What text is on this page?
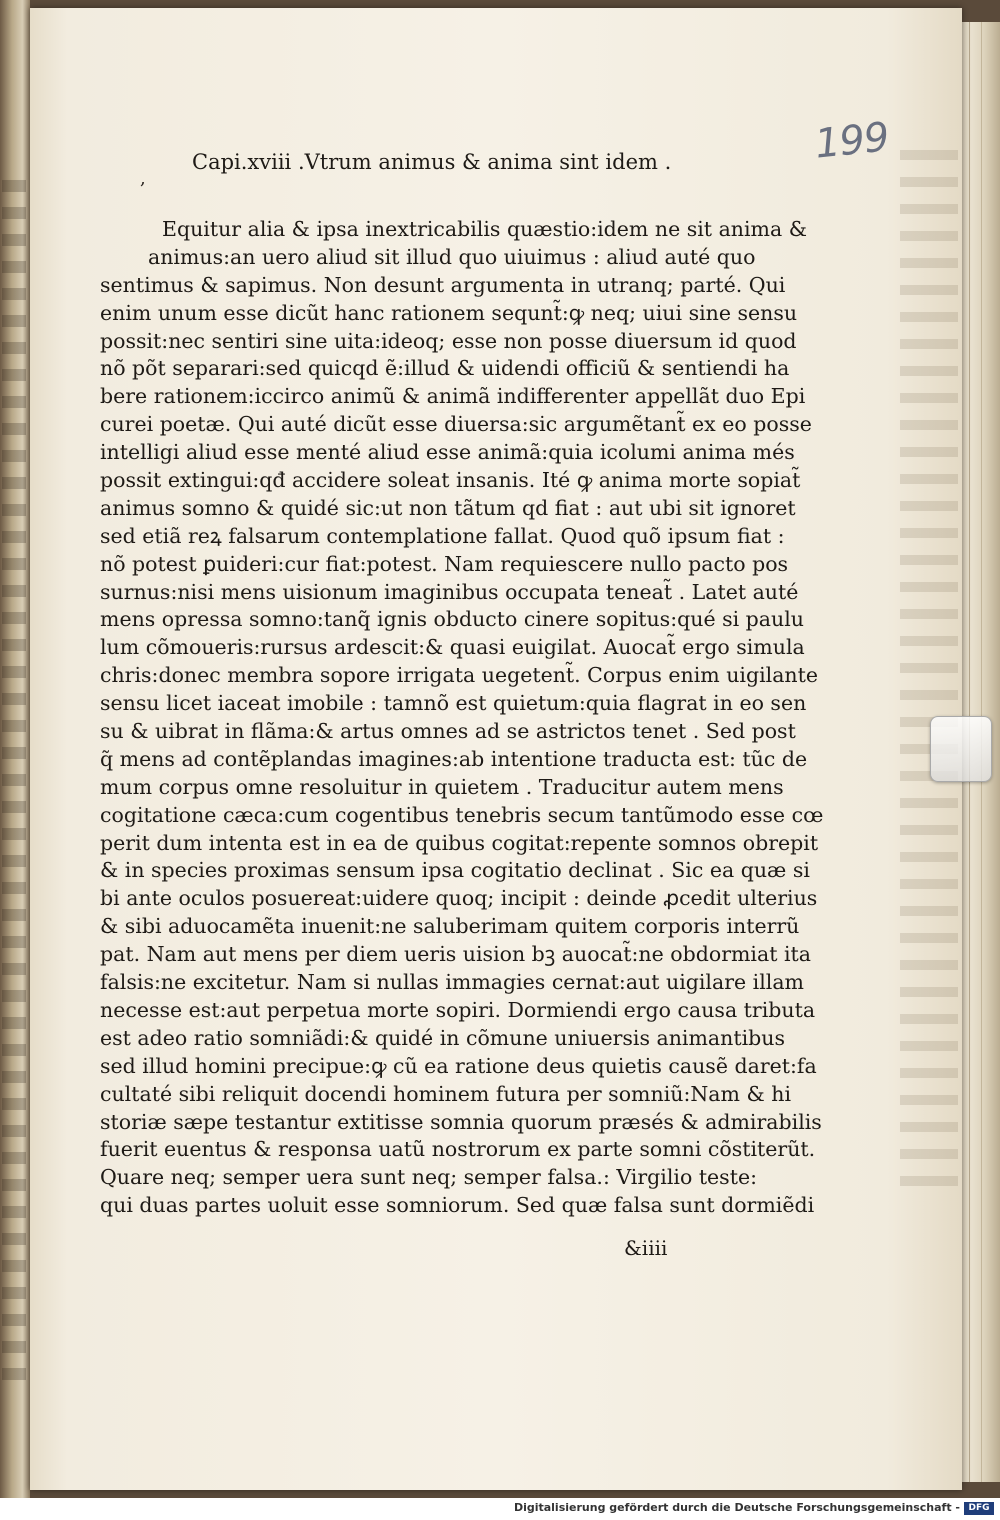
199
,
Capi.xviii .Vtrum animus & anima sint idem .
Equitur alia & ipsa inextricabilis quæstio:idem ne sit anima &
animus:an uero aliud sit illud quo uiuimus : aliud auté quo
sentimus & sapimus. Non desunt argumenta in utranq; parté. Qui
enim unum esse dicũt hanc rationem sequnt̃:ꝙ neq; uiui sine sensu
possit:nec sentiri sine uita:ideoq; esse non posse diuersum id quod
nõ põt separari:sed quicqd ẽ:illud & uidendi officiũ & sentiendi ha
bere rationem:iccirco animũ & animã indifferenter appellãt duo Epi
curei poetæ. Qui auté dicũt esse diuersa:sic argumẽtant̃ ex eo posse
intelligi aliud esse menté aliud esse animã:quia icolumi anima més
possit extingui:qđ accidere soleat insanis. Ité ꝙ anima morte sopiat̃
animus somno & quidé sic:ut non tãtum qd fiat : aut ubi sit ignoret
sed etiã reꝝ falsarum contemplatione fallat. Quod quõ ipsum fiat :
nõ potest ꝑuideri:cur fiat:potest. Nam requiescere nullo pacto pos
surnus:nisi mens uisionum imaginibus occupata teneat̃ . Latet auté
mens opressa somno:tanq̃ ignis obducto cinere sopitus:qué si paulu
lum cõmoueris:rursus ardescit:& quasi euigilat. Auocat̃ ergo simula
chris:donec membra sopore irrigata uegetent̃. Corpus enim uigilante
sensu licet iaceat imobile : tamnõ est quietum:quia flagrat in eo sen
su & uibrat in flãma:& artus omnes ad se astrictos tenet . Sed post
q̃ mens ad contẽplandas imagines:ab intentione traducta est: tũc de
mum corpus omne resoluitur in quietem . Traducitur autem mens
cogitatione cæca:cum cogentibus tenebris secum tantũmodo esse cœ
perit dum intenta est in ea de quibus cogitat:repente somnos obrepit
& in species proximas sensum ipsa cogitatio declinat . Sic ea quæ si
bi ante oculos posuereat:uidere quoq; incipit : deinde ꝓcedit ulterius
& sibi aduocamẽta inuenit:ne saluberimam quitem corporis interrũ
pat. Nam aut mens per diem ueris uision bꝫ auocat̃:ne obdormiat ita
falsis:ne excitetur. Nam si nullas immagies cernat:aut uigilare illam
necesse est:aut perpetua morte sopiri. Dormiendi ergo causa tributa
est adeo ratio somniãdi:& quidé in cõmune uniuersis animantibus
sed illud homini precipue:ꝙ cũ ea ratione deus quietis causẽ daret:fa
cultaté sibi reliquit docendi hominem futura per somniũ:Nam & hi
storiæ sæpe testantur extitisse somnia quorum præsés & admirabilis
fuerit euentus & responsa uatũ nostrorum ex parte somni cõstiterũt.
Quare neq; semper uera sunt neq; semper falsa.: Virgilio teste:
qui duas partes uoluit esse somniorum. Sed quæ falsa sunt dormiẽdi
&iiii
Digitalisierung gefördert durch die Deutsche Forschungsgemeinschaft - DFG
